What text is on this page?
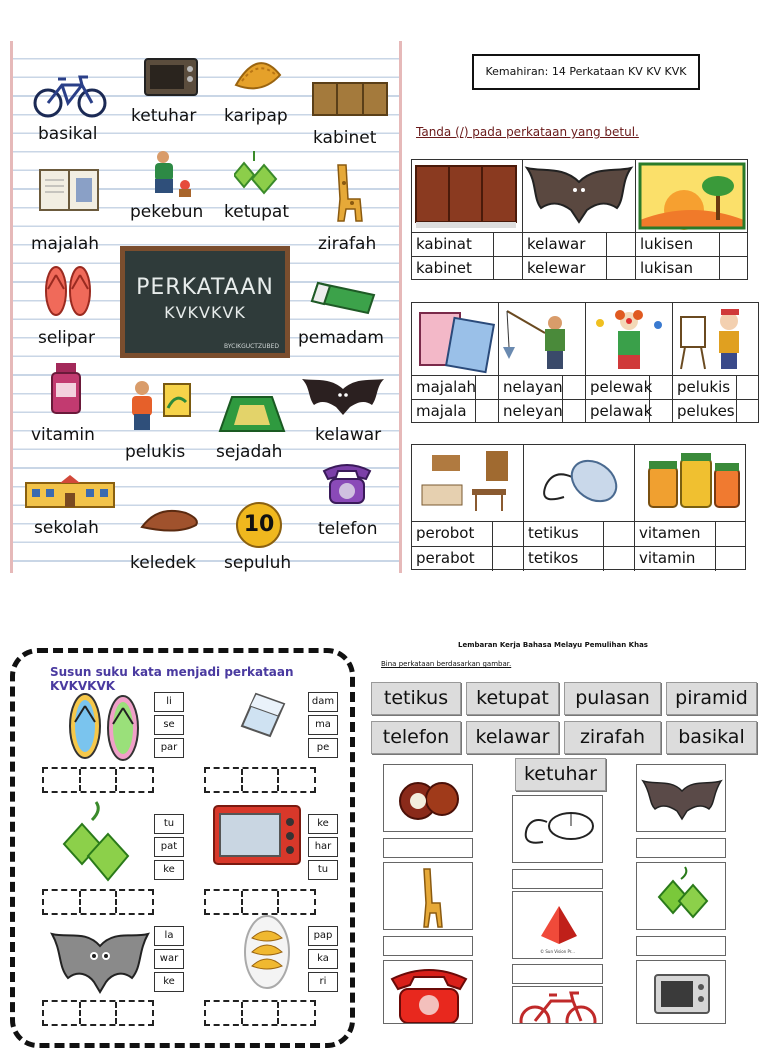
basikal
ketuhar karipap
kabinet
majalah
pekebun ketupat
zirafah
PERKATAAN
KVKVKVK
BYCIKGUCTZUBED
selipar	pemadam
vitamin
pelukis sejadah
kelawar
10
sekolah
keledek sepuluh
telefon
Kemahiran: 14 Perkataan KV KV KVK
Tanda (/) pada perkataan yang betul.
kabinat	kelawar	lukisen
kabinet	kelewar	lukisan
majalah nelayan pelewak pelukis
majala	neleyan pelawak pelukes
perobot	tetikus	vitamen
perabot	tetikos	vitamin
Susun suku kata menjadi perkataan KVKVKVK
li
se
par
dam
ma
pe
tu
pat
ke
ke
har
tu
la
war
ke
pap
ka
ri
Lembaran Kerja Bahasa Melayu Pemulihan Khas
Bina perkataan berdasarkan gambar.
tetikus	ketupat	pulasan	piramid
telefon	kelawar	zirafah	basikal
ketuhar
© Sun Vision Pr...
